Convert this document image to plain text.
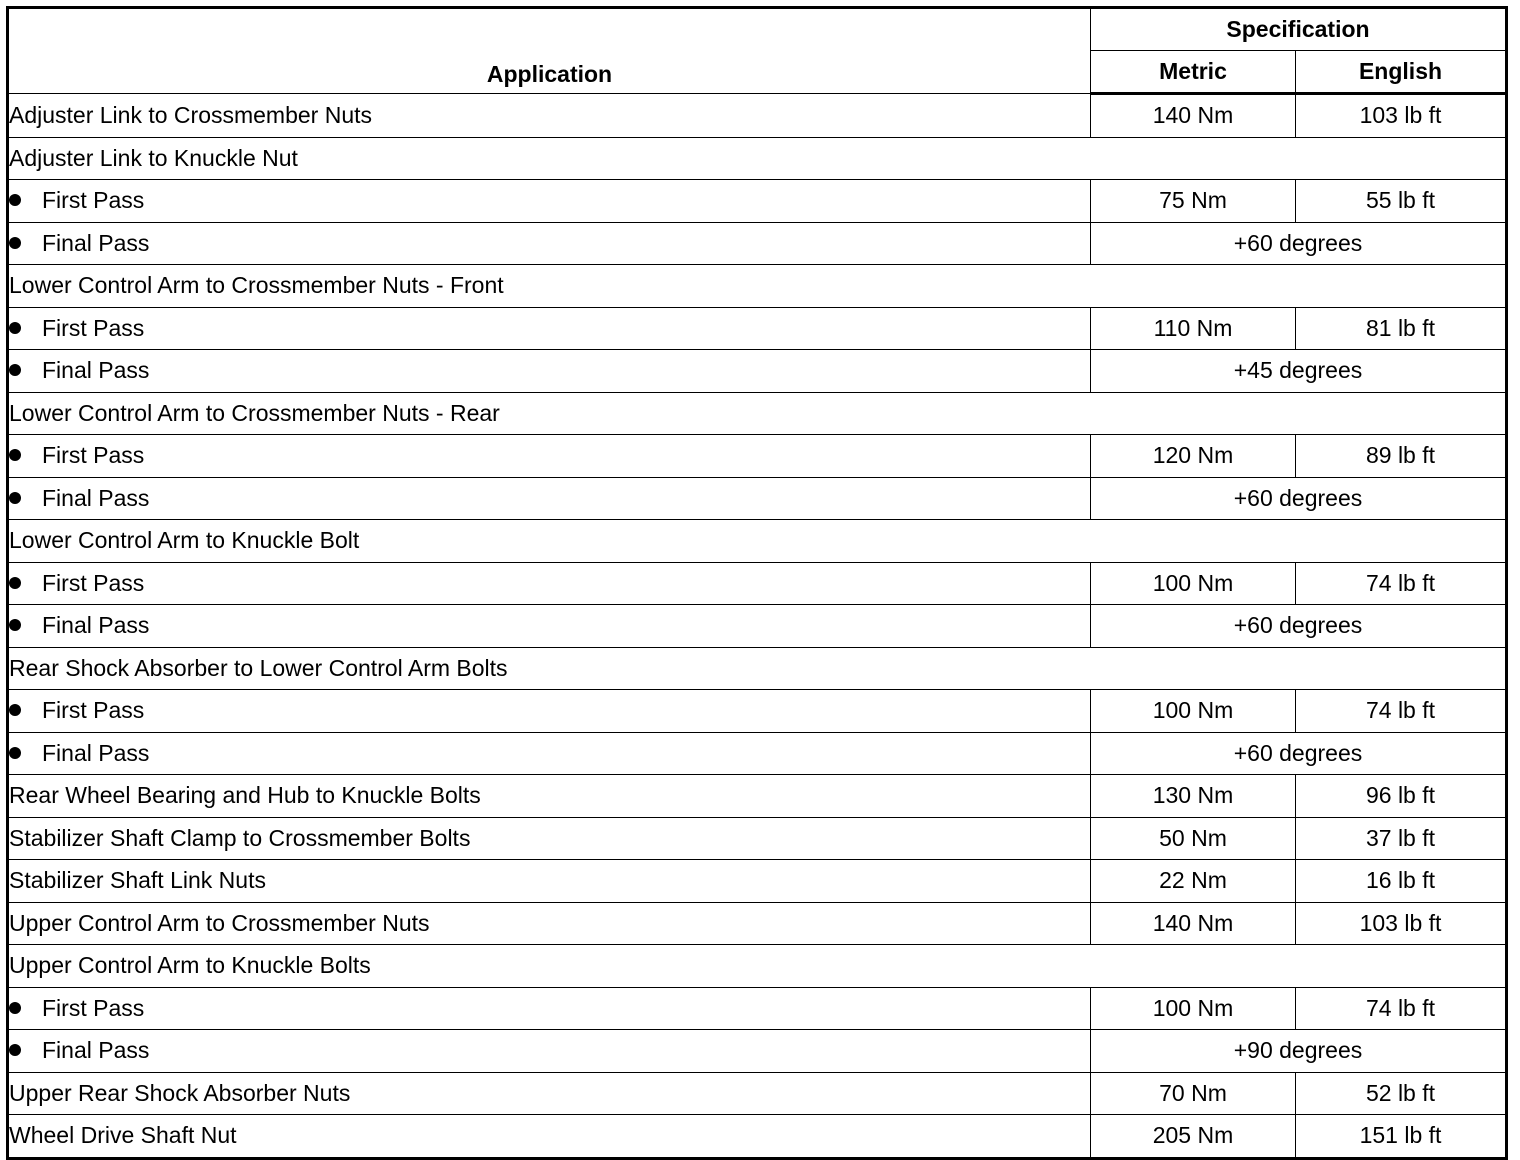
Application	Specification	
	Metric	English
Adjuster Link to Crossmember Nuts	140 Nm	103 lb ft
Adjuster Link to Knuckle Nut		
First Pass	75 Nm	55 lb ft
Final Pass	+60 degrees	
Lower Control Arm to Crossmember Nuts - Front		
First Pass	110 Nm	81 lb ft
Final Pass	+45 degrees	
Lower Control Arm to Crossmember Nuts - Rear		
First Pass	120 Nm	89 lb ft
Final Pass	+60 degrees	
Lower Control Arm to Knuckle Bolt		
First Pass	100 Nm	74 lb ft
Final Pass	+60 degrees	
Rear Shock Absorber to Lower Control Arm Bolts		
First Pass	100 Nm	74 lb ft
Final Pass	+60 degrees	
Rear Wheel Bearing and Hub to Knuckle Bolts	130 Nm	96 lb ft
Stabilizer Shaft Clamp to Crossmember Bolts	50 Nm	37 lb ft
Stabilizer Shaft Link Nuts	22 Nm	16 lb ft
Upper Control Arm to Crossmember Nuts	140 Nm	103 lb ft
Upper Control Arm to Knuckle Bolts		
First Pass	100 Nm	74 lb ft
Final Pass	+90 degrees	
Upper Rear Shock Absorber Nuts	70 Nm	52 lb ft
Wheel Drive Shaft Nut	205 Nm	151 lb ft
